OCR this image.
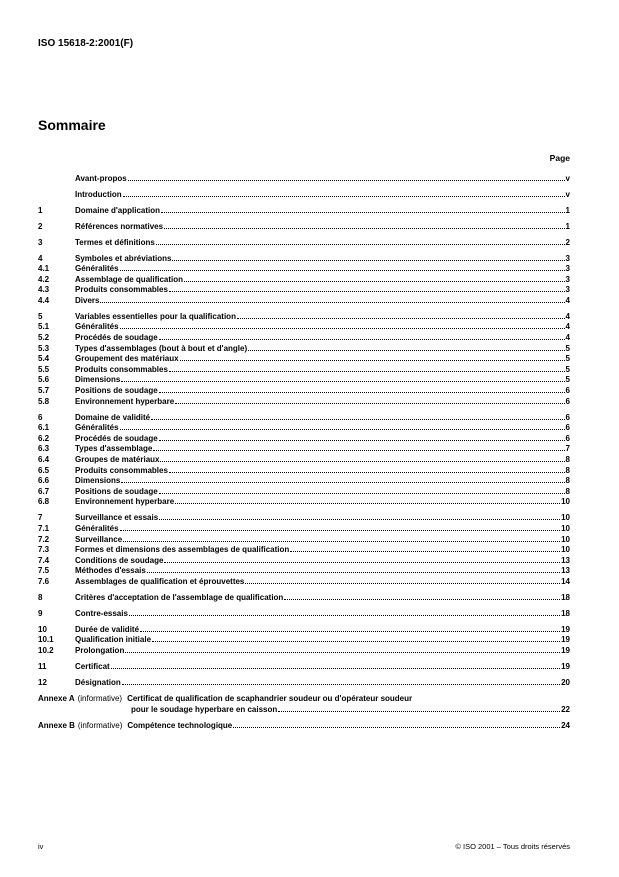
ISO 15618-2:2001(F)
Sommaire
Page
Avant-propos	v
Introduction	v
1	Domaine d'application	1
2	Références normatives	1
3	Termes et définitions	2
4	Symboles et abréviations	3
4.1	Généralités	3
4.2	Assemblage de qualification	3
4.3	Produits consommables	3
4.4	Divers	4
5	Variables essentielles pour la qualification	4
5.1	Généralités	4
5.2	Procédés de soudage	4
5.3	Types d'assemblages (bout à bout et d'angle)	5
5.4	Groupement des matériaux	5
5.5	Produits consommables	5
5.6	Dimensions	5
5.7	Positions de soudage	6
5.8	Environnement hyperbare	6
6	Domaine de validité	6
6.1	Généralités	6
6.2	Procédés de soudage	6
6.3	Types d'assemblage	7
6.4	Groupes de matériaux	8
6.5	Produits consommables	8
6.6	Dimensions	8
6.7	Positions de soudage	8
6.8	Environnement hyperbare	10
7	Surveillance et essais	10
7.1	Généralités	10
7.2	Surveillance	10
7.3	Formes et dimensions des assemblages de qualification	10
7.4	Conditions de soudage	13
7.5	Méthodes d'essais	13
7.6	Assemblages de qualification et éprouvettes	14
8	Critères d'acceptation de l'assemblage de qualification	18
9	Contre-essais	18
10	Durée de validité	19
10.1	Qualification initiale	19
10.2	Prolongation	19
11	Certificat	19
12	Désignation	20
Annexe A (informative) Certificat de qualification de scaphandrier soudeur ou d'opérateur soudeur
pour le soudage hyperbare en caisson	22
Annexe B (informative) Compétence technologique	24
iv	© ISO 2001 – Tous droits réservés
